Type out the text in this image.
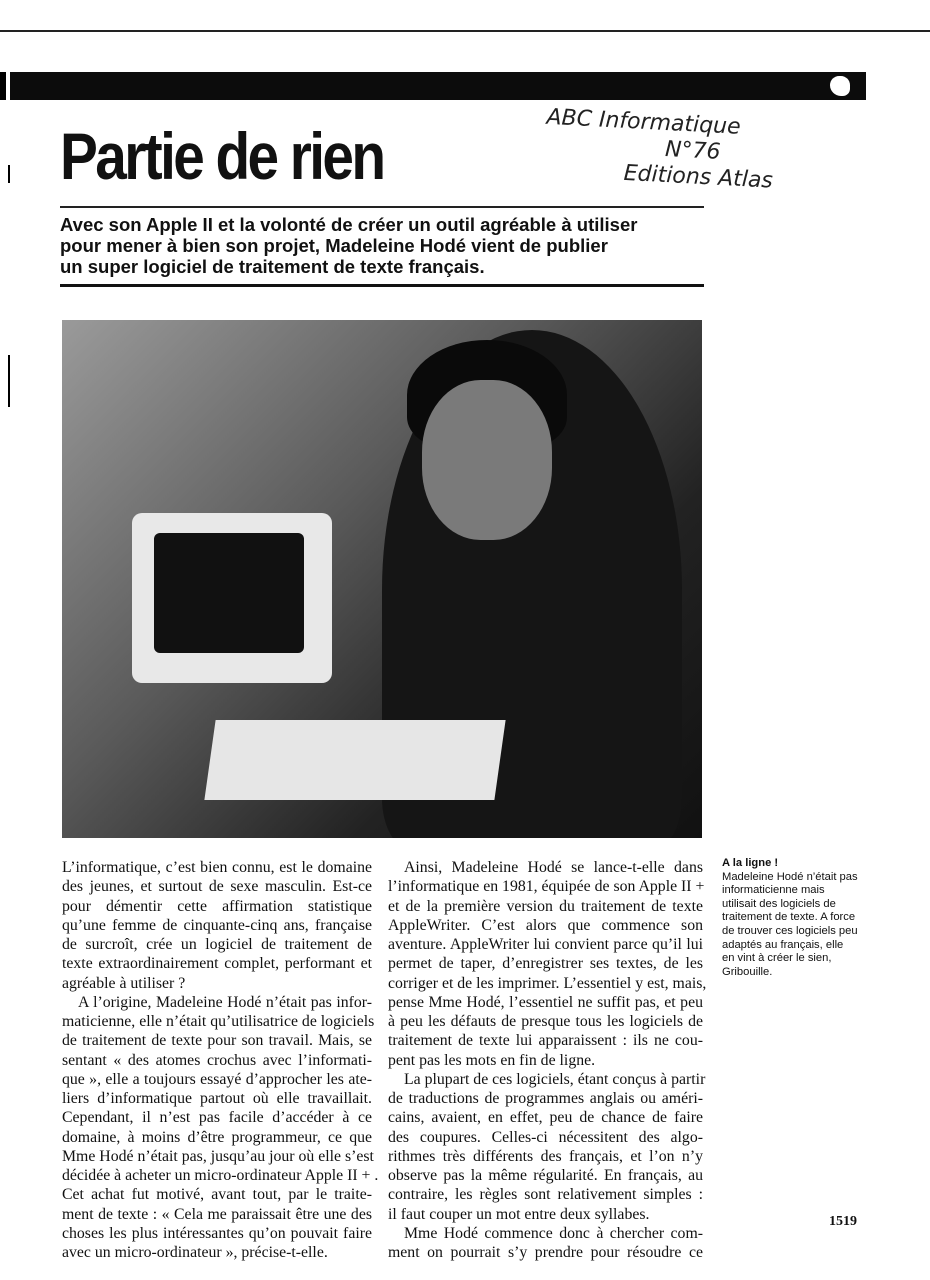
Partie de rien	ABC Informatique
N°76
Editions Atlas
Avec son Apple II et la volonté de créer un outil agréable à utiliser
pour mener à bien son projet, Madeleine Hodé vient de publier
un super logiciel de traitement de texte français.
L’informatique, c’est bien connu, est le domaine
des jeunes, et surtout de sexe masculin. Est-ce
pour démentir cette affirmation statistique
qu’une femme de cinquante-cinq ans, française
de surcroît, crée un logiciel de traitement de
texte extraordinairement complet, performant et
agréable à utiliser ?
A l’origine, Madeleine Hodé n’était pas infor-
maticienne, elle n’était qu’utilisatrice de logiciels
de traitement de texte pour son travail. Mais, se
sentant « des atomes crochus avec l’informati-
que », elle a toujours essayé d’approcher les ate-
liers d’informatique partout où elle travaillait.
Cependant, il n’est pas facile d’accéder à ce
domaine, à moins d’être programmeur, ce que
Mme Hodé n’était pas, jusqu’au jour où elle s’est
décidée à acheter un micro-ordinateur Apple II + .
Cet achat fut motivé, avant tout, par le traite-
ment de texte : « Cela me paraissait être une des
choses les plus intéressantes qu’on pouvait faire
avec un micro-ordinateur », précise-t-elle.
Ainsi, Madeleine Hodé se lance-t-elle dans
l’informatique en 1981, équipée de son Apple II +
et de la première version du traitement de texte
AppleWriter. C’est alors que commence son
aventure. AppleWriter lui convient parce qu’il lui
permet de taper, d’enregistrer ses textes, de les
corriger et de les imprimer. L’essentiel y est, mais,
pense Mme Hodé, l’essentiel ne suffit pas, et peu
à peu les défauts de presque tous les logiciels de
traitement de texte lui apparaissent : ils ne cou-
pent pas les mots en fin de ligne.
La plupart de ces logiciels, étant conçus à partir
de traductions de programmes anglais ou améri-
cains, avaient, en effet, peu de chance de faire
des coupures. Celles-ci nécessitent des algo-
rithmes très différents des français, et l’on n’y
observe pas la même régularité. En français, au
contraire, les règles sont relativement simples :
il faut couper un mot entre deux syllabes.
Mme Hodé commence donc à chercher com-
ment on pourrait s’y prendre pour résoudre ce
A la ligne !
Madeleine Hodé n’était pas
informaticienne mais
utilisait des logiciels de
traitement de texte. A force
de trouver ces logiciels peu
adaptés au français, elle
en vint à créer le sien,
Gribouille.
1519
